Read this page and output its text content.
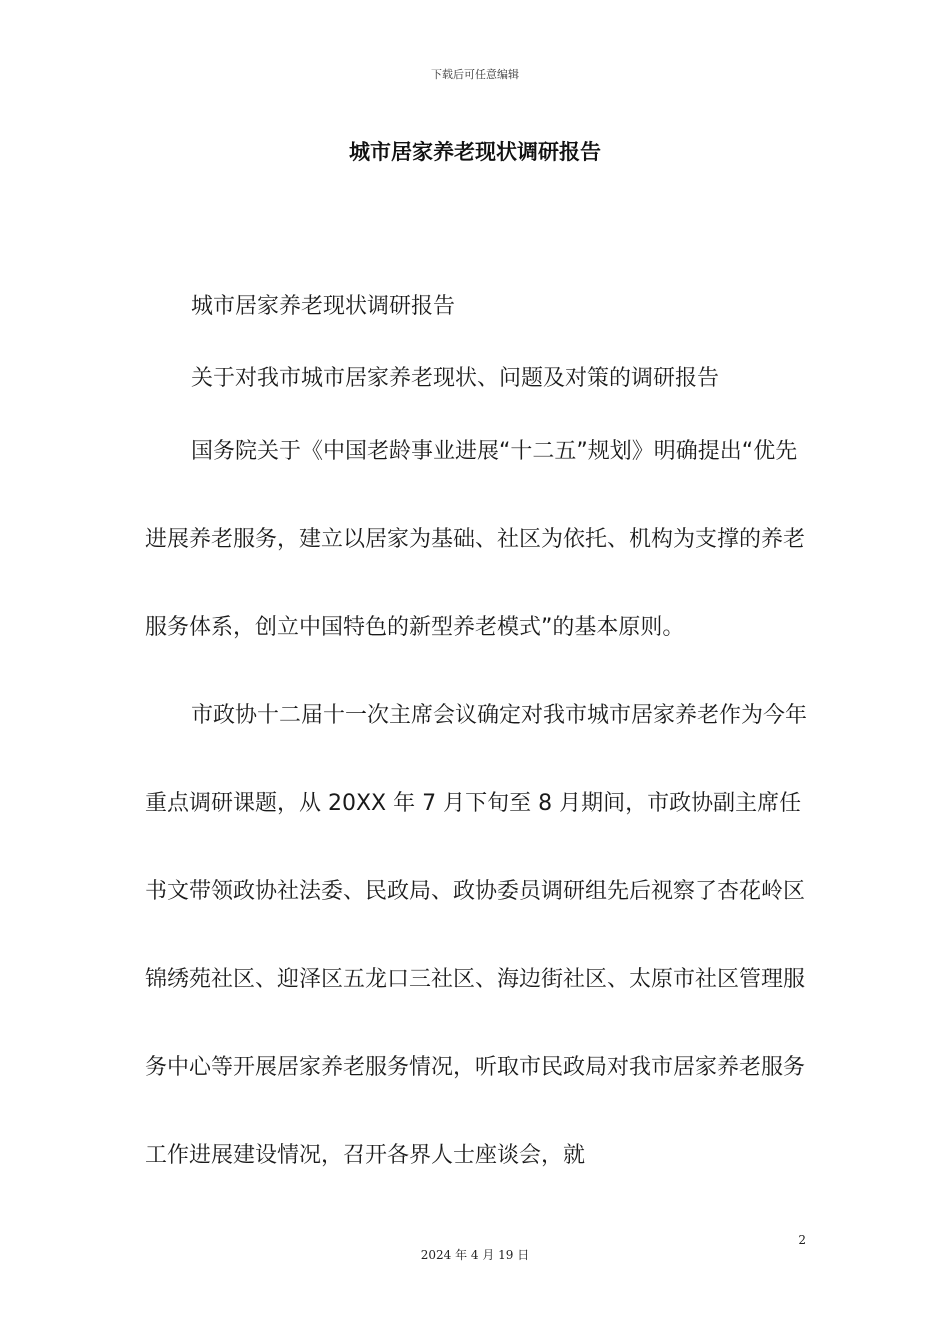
下载后可任意编辑
城市居家养老现状调研报告
城市居家养老现状调研报告
关于对我市城市居家养老现状、问题及对策的调研报告

国务院关于《中国老龄事业进展“十二五”规划》明确提出“优先进展养老服务，建立以居家为基础、社区为依托、机构为支撑的养老服务体系，创立中国特色的新型养老模式”的基本原则。

市政协十二届十一次主席会议确定对我市城市居家养老作为今年重点调研课题，从 20XX 年 7 月下旬至 8 月期间，市政协副主席任书文带领政协社法委、民政局、政协委员调研组先后视察了杏花岭区锦绣苑社区、迎泽区五龙口三社区、海边街社区、太原市社区管理服务中心等开展居家养老服务情况，听取市民政局对我市居家养老服务工作进展建设情况，召开各界人士座谈会，就

2
2024 年 4 月 19 日
